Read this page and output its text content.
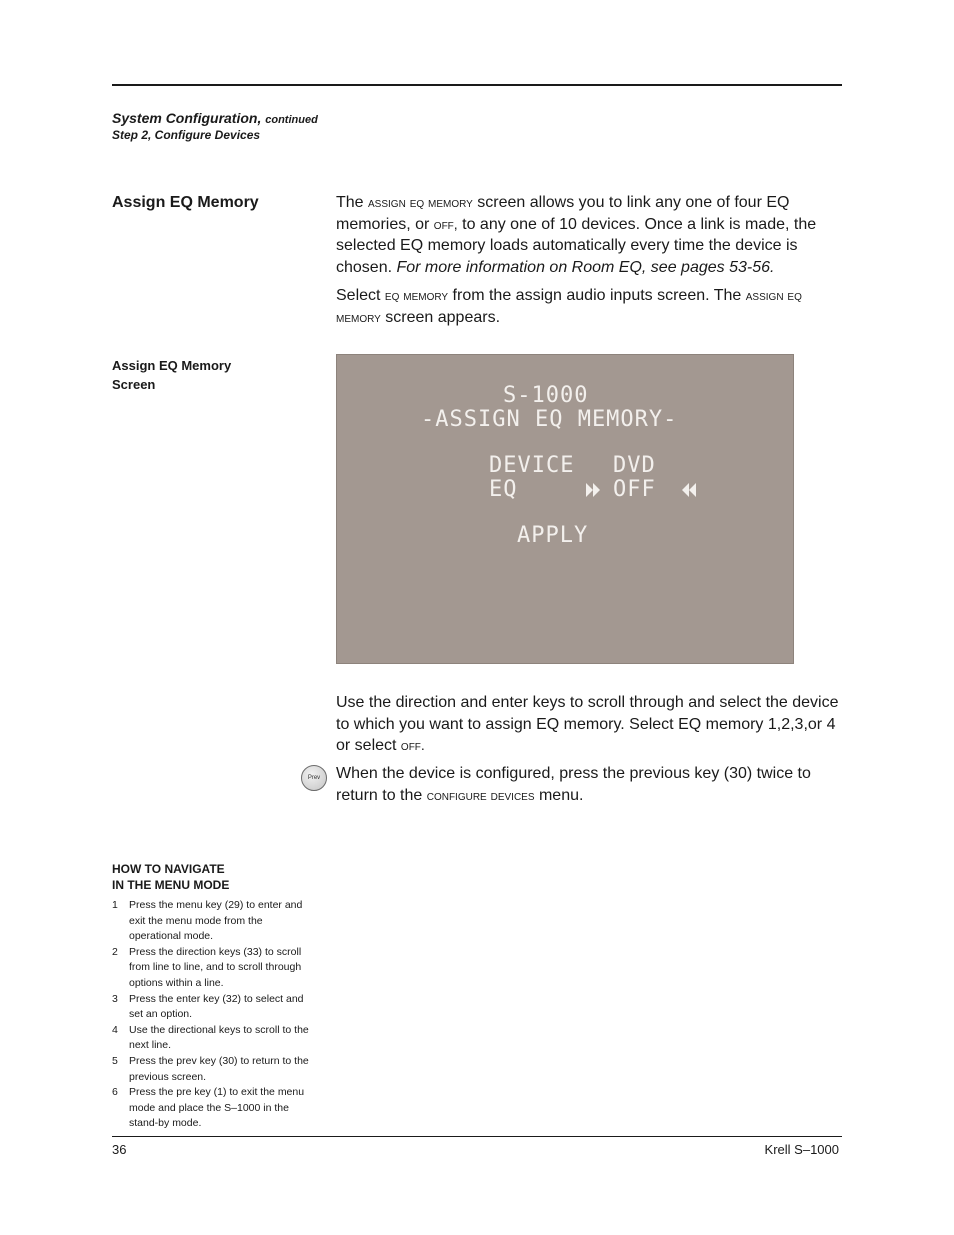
System Configuration, continued
Step 2, Configure Devices
Assign EQ Memory	The assign eq memory screen allows you to link any one of four EQ memories, or off, to any one of 10 devices. Once a link is made, the selected EQ memory loads automatically every time the device is chosen. For more information on Room EQ, see pages 53-56.

Select eq memory from the assign audio inputs screen. The assign eq memory screen appears.

Assign EQ Memory
Screen	S-1000
-ASSIGN EQ MEMORY-
DEVICE DVD
EQ	OFF
APPLY

Use the direction and enter keys to scroll through and select the device to which you want to assign EQ memory. Select EQ memory 1,2,3,or 4 or select off.

Prev When the device is configured, press the previous key (30) twice to return to the configure devices menu.

HOW TO NAVIGATE
IN THE MENU MODE
1	Press the menu key (29) to enter and exit the menu mode from the operational mode.
2	Press the direction keys (33) to scroll from line to line, and to scroll through options within a line.
3	Press the enter key (32) to select and set an option.
4	Use the directional keys to scroll to the next line.
5	Press the prev key (30) to return to the previous screen.
6	Press the pre key (1) to exit the menu mode and place the S–1000 in the stand-by mode.
36	Krell S–1000
